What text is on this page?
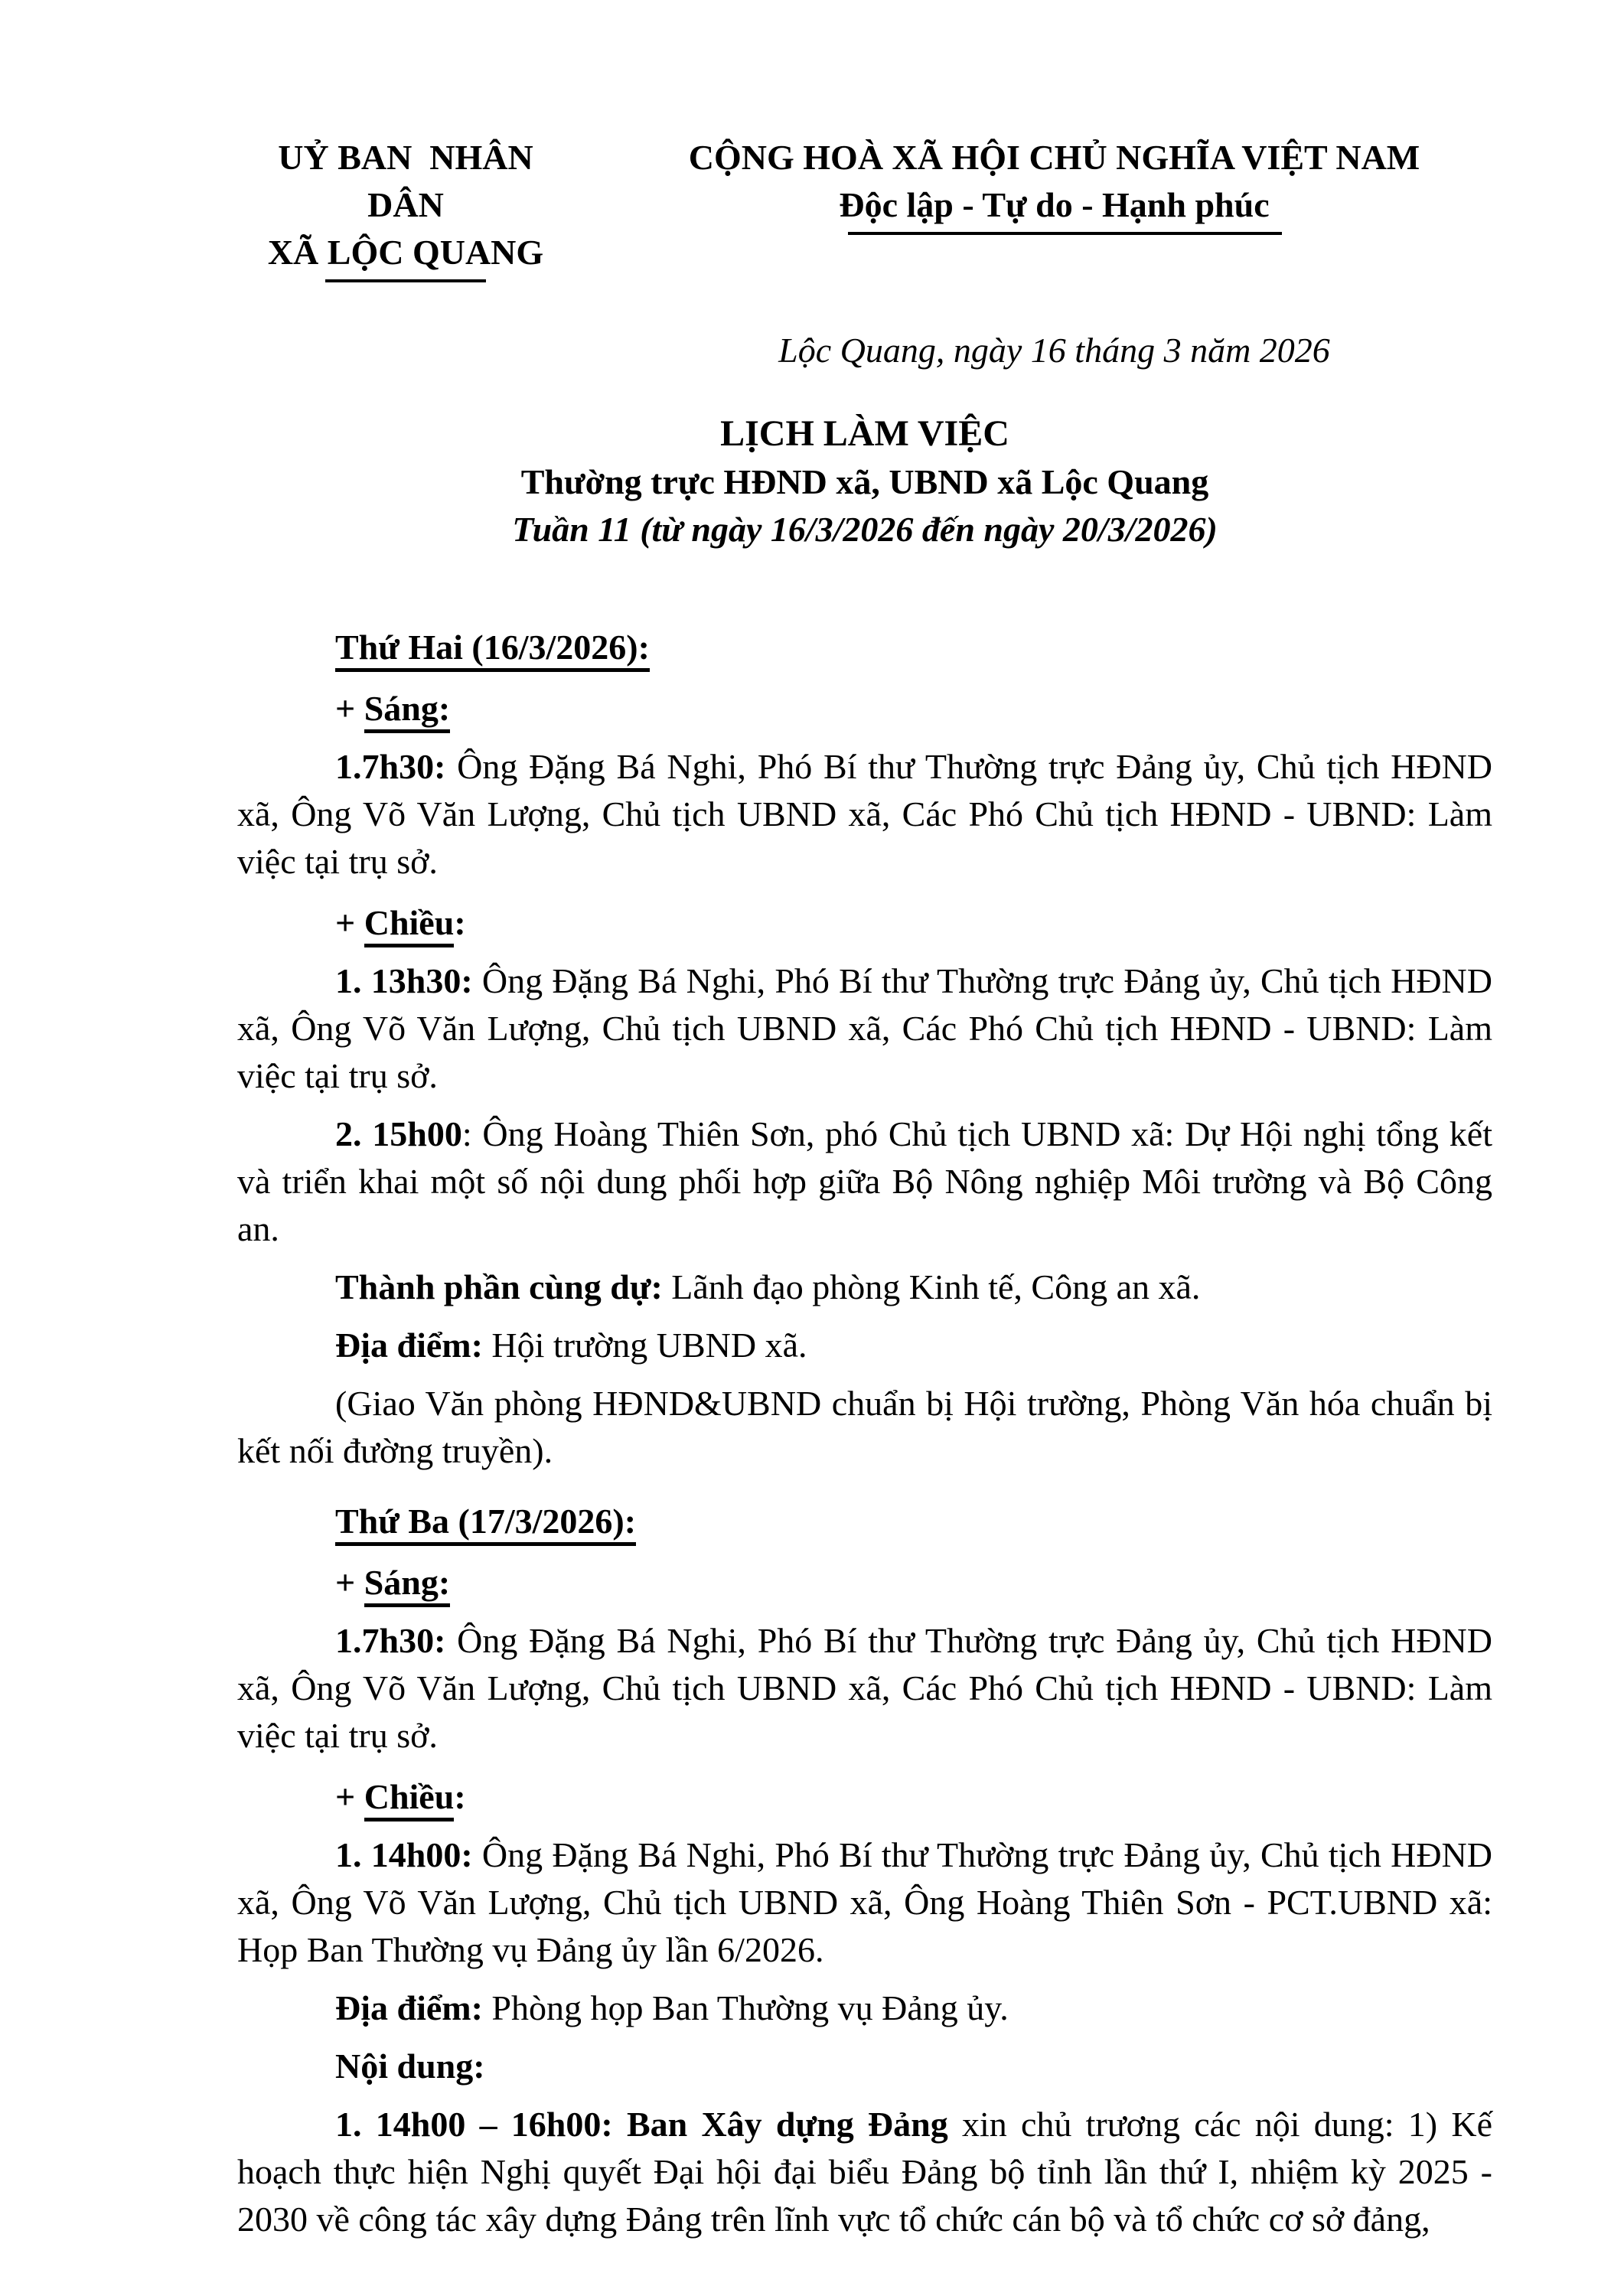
UỶ BAN  NHÂN DÂN
XÃ LỘC QUANG
CỘNG HOÀ XÃ HỘI CHỦ NGHĨA VIỆT NAM
Độc lập - Tự do - Hạnh phúc
Lộc Quang, ngày 16 tháng 3 năm 2026
LỊCH LÀM VIỆC
Thường trực HĐND xã, UBND xã Lộc Quang
Tuần 11 (từ ngày 16/3/2026 đến ngày 20/3/2026)

Thứ Hai (16/3/2026):

+ Sáng:

1.7h30: Ông Đặng Bá Nghi, Phó Bí thư Thường trực Đảng ủy, Chủ tịch HĐND xã, Ông Võ Văn Lượng, Chủ tịch UBND xã, Các Phó Chủ tịch HĐND - UBND: Làm việc tại trụ sở.

+ Chiều:

1. 13h30: Ông Đặng Bá Nghi, Phó Bí thư Thường trực Đảng ủy, Chủ tịch HĐND xã, Ông Võ Văn Lượng, Chủ tịch UBND xã, Các Phó Chủ tịch HĐND - UBND: Làm việc tại trụ sở.

2. 15h00: Ông Hoàng Thiên Sơn, phó Chủ tịch UBND xã: Dự Hội nghị tổng kết và triển khai một số nội dung phối hợp giữa Bộ Nông nghiệp Môi trường và Bộ Công an.

Thành phần cùng dự: Lãnh đạo phòng Kinh tế, Công an xã.

Địa điểm: Hội trường UBND xã.

(Giao Văn phòng HĐND&UBND chuẩn bị Hội trường, Phòng Văn hóa chuẩn bị kết nối đường truyền).

Thứ Ba (17/3/2026):

+ Sáng:

1.7h30: Ông Đặng Bá Nghi, Phó Bí thư Thường trực Đảng ủy, Chủ tịch HĐND xã, Ông Võ Văn Lượng, Chủ tịch UBND xã, Các Phó Chủ tịch HĐND - UBND: Làm việc tại trụ sở.

+ Chiều:

1. 14h00: Ông Đặng Bá Nghi, Phó Bí thư Thường trực Đảng ủy, Chủ tịch HĐND xã, Ông Võ Văn Lượng, Chủ tịch UBND xã, Ông Hoàng Thiên Sơn - PCT.UBND xã: Họp Ban Thường vụ Đảng ủy lần 6/2026.

Địa điểm: Phòng họp Ban Thường vụ Đảng ủy.

Nội dung:

1. 14h00 – 16h00: Ban Xây dựng Đảng xin chủ trương các nội dung: 1) Kế hoạch thực hiện Nghị quyết Đại hội đại biểu Đảng bộ tỉnh lần thứ I, nhiệm kỳ 2025 - 2030 về công tác xây dựng Đảng trên lĩnh vực tổ chức cán bộ và tổ chức cơ sở đảng,
